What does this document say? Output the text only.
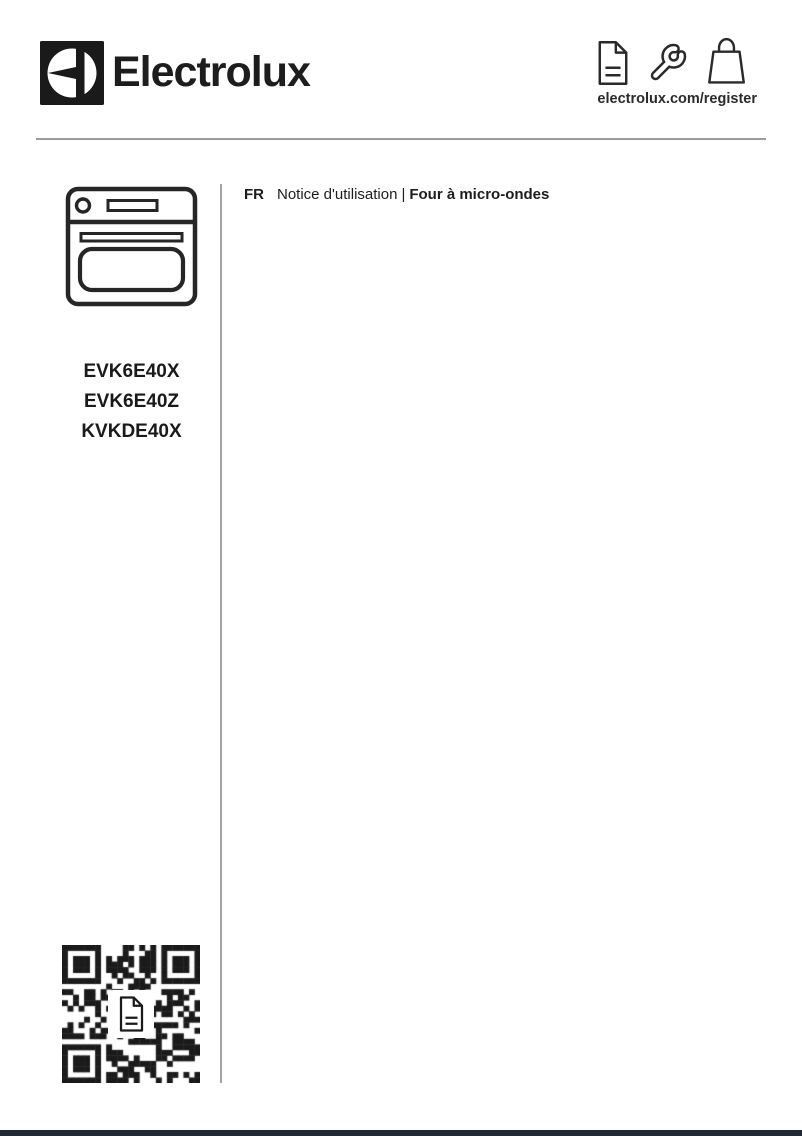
Electrolux
electrolux.com/register
EVK6E40X
EVK6E40Z
KVKDE40X
FR Notice d'utilisation | Four à micro-ondes
